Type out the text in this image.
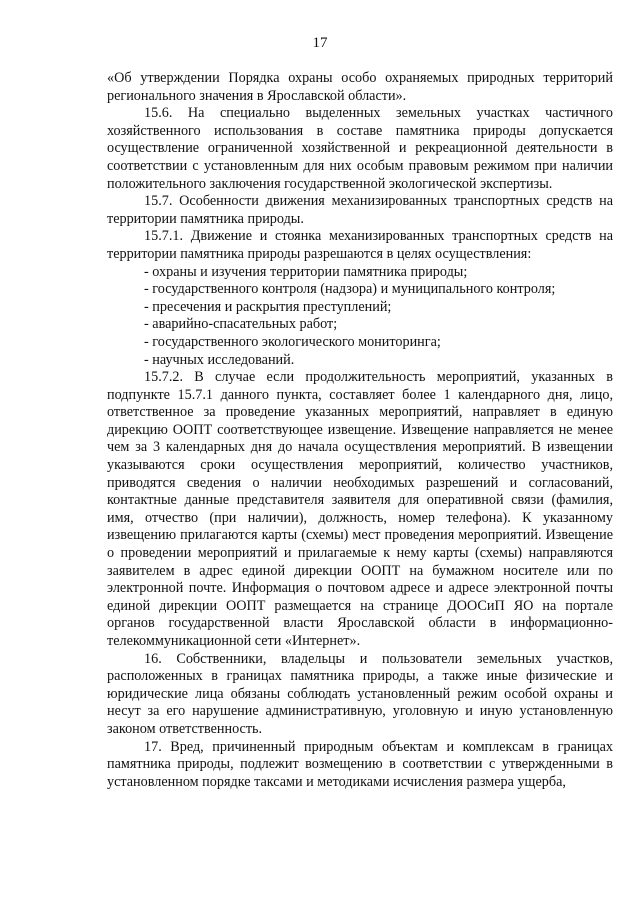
17

«Об утверждении Порядка охраны особо охраняемых природных территорий регионального значения в Ярославской области».

15.6. На специально выделенных земельных участках частичного хозяйственного использования в составе памятника природы допускается осуществление ограниченной хозяйственной и рекреационной деятельности в соответствии с установленным для них особым правовым режимом при наличии положительного заключения государственной экологической экспертизы.

15.7. Особенности движения механизированных транспортных средств на территории памятника природы.

15.7.1. Движение и стоянка механизированных транспортных средств на территории памятника природы разрешаются в целях осуществления:

- охраны и изучения территории памятника природы;
- государственного контроля (надзора) и муниципального контроля;
- пресечения и раскрытия преступлений;
- аварийно-спасательных работ;
- государственного экологического мониторинга;
- научных исследований.

15.7.2. В случае если продолжительность мероприятий, указанных в подпункте 15.7.1 данного пункта, составляет более 1 календарного дня, лицо, ответственное за проведение указанных мероприятий, направляет в единую дирекцию ООПТ соответствующее извещение. Извещение направляется не менее чем за 3 календарных дня до начала осуществления мероприятий. В извещении указываются сроки осуществления мероприятий, количество участников, приводятся сведения о наличии необходимых разрешений и согласований, контактные данные представителя заявителя для оперативной связи (фамилия, имя, отчество (при наличии), должность, номер телефона). К указанному извещению прилагаются карты (схемы) мест проведения мероприятий. Извещение о проведении мероприятий и прилагаемые к нему карты (схемы) направляются заявителем в адрес единой дирекции ООПТ на бумажном носителе или по электронной почте. Информация о почтовом адресе и адресе электронной почты единой дирекции ООПТ размещается на странице ДООСиП ЯО на портале органов государственной власти Ярославской области в информационно-телекоммуникационной сети «Интернет».

16. Собственники, владельцы и пользователи земельных участков, расположенных в границах памятника природы, а также иные физические и юридические лица обязаны соблюдать установленный режим особой охраны и несут за его нарушение административную, уголовную и иную установленную законом ответственность.

17. Вред, причиненный природным объектам и комплексам в границах памятника природы, подлежит возмещению в соответствии с утвержденными в установленном порядке таксами и методиками исчисления размера ущерба,
